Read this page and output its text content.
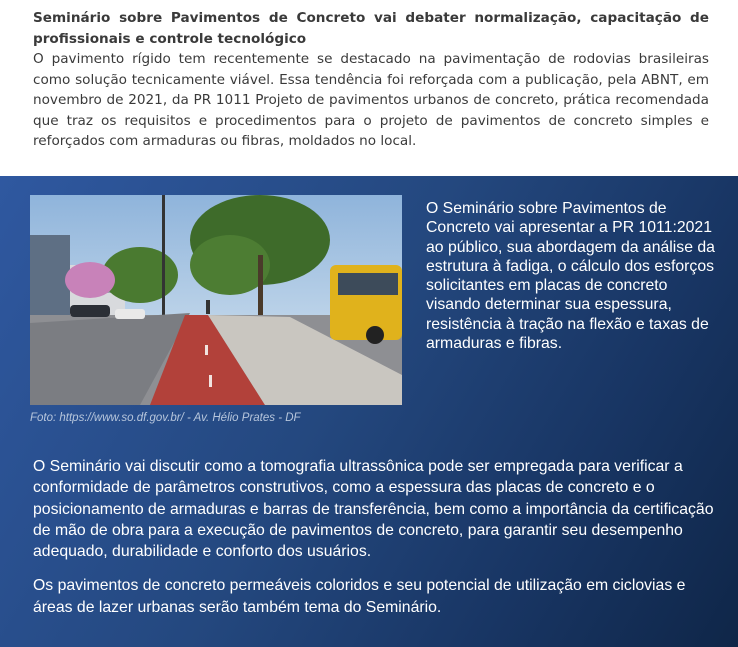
Seminário sobre Pavimentos de Concreto vai debater normalização, capacitação de profissionais e controle tecnológico
O pavimento rígido tem recentemente se destacado na pavimentação de rodovias brasileiras como solução tecnicamente viável. Essa tendência foi reforçada com a publicação, pela ABNT, em novembro de 2021, da PR 1011 Projeto de pavimentos urbanos de concreto, prática recomendada que traz os requisitos e procedimentos para o projeto de pavimentos de concreto simples e reforçados com armaduras ou fibras, moldados no local.
Foto: https://www.so.df.gov.br/ - Av. Hélio Prates - DF
O Seminário sobre Pavimentos de Concreto vai apresentar a PR 1011:2021 ao público, sua abordagem da análise da estrutura à fadiga, o cálculo dos esforços solicitantes em placas de concreto visando determinar sua espessura, resistência à tração na flexão e taxas de armaduras e fibras.

O Seminário vai discutir como a tomografia ultrassônica pode ser empregada para verificar a conformidade de parâmetros construtivos, como a espessura das placas de concreto e o posicionamento de armaduras e barras de transferência, bem como a importância da certificação de mão de obra para a execução de pavimentos de concreto, para garantir seu desempenho adequado, durabilidade e conforto dos usuários.

Os pavimentos de concreto permeáveis coloridos e seu potencial de utilização em ciclovias e áreas de lazer urbanas serão também tema do Seminário.
